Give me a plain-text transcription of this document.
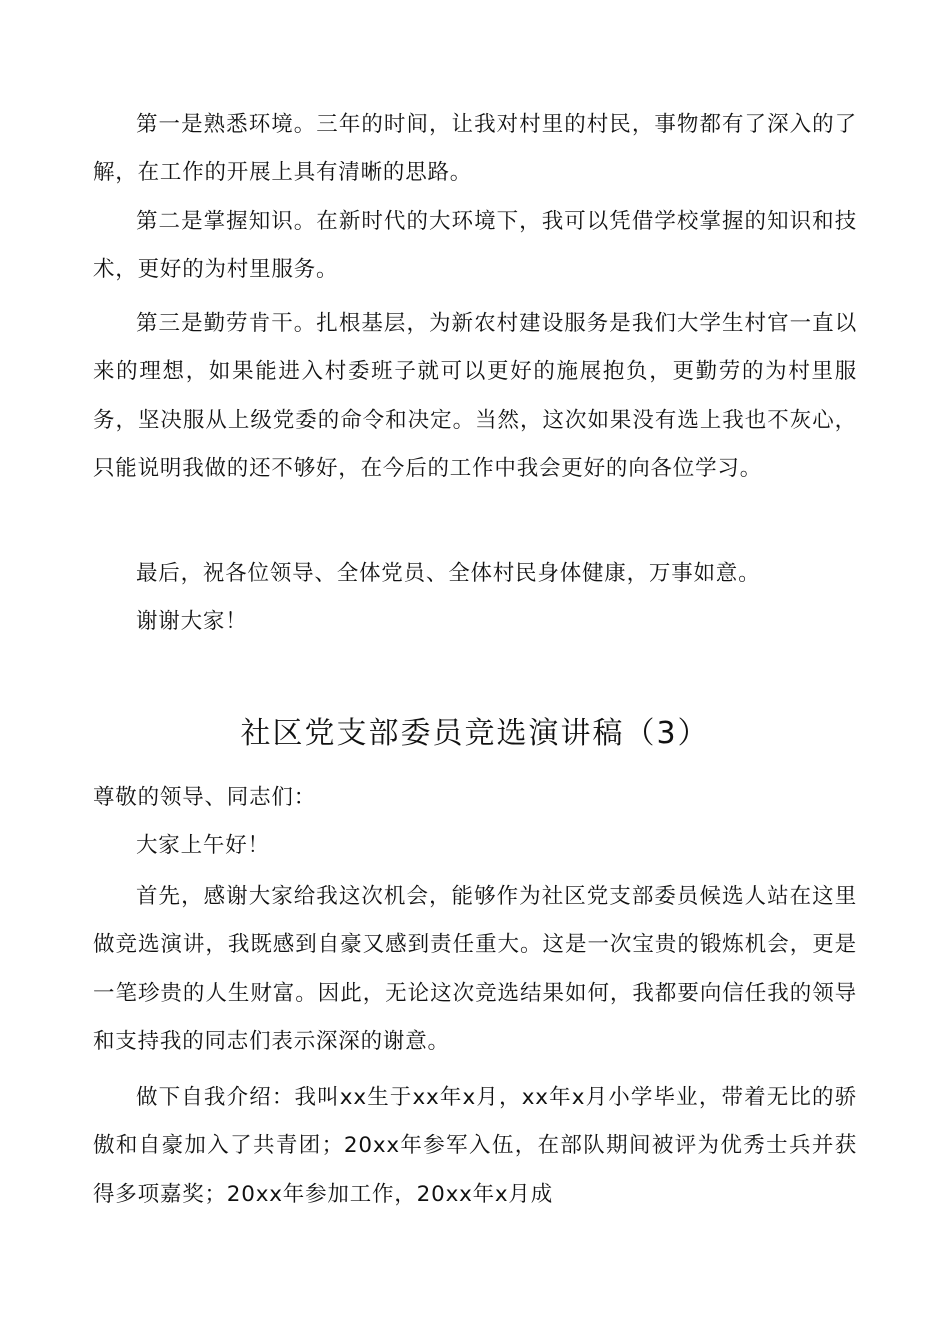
第一是熟悉环境。三年的时间，让我对村里的村民，事物都有了深入的了解，在工作的开展上具有清晰的思路。

第二是掌握知识。在新时代的大环境下，我可以凭借学校掌握的知识和技术，更好的为村里服务。

第三是勤劳肯干。扎根基层，为新农村建设服务是我们大学生村官一直以来的理想，如果能进入村委班子就可以更好的施展抱负，更勤劳的为村里服务，坚决服从上级党委的命令和决定。当然，这次如果没有选上我也不灰心，只能说明我做的还不够好，在今后的工作中我会更好的向各位学习。

最后，祝各位领导、全体党员、全体村民身体健康，万事如意。

谢谢大家！

社区党支部委员竞选演讲稿（3）

尊敬的领导、同志们：

大家上午好！

首先，感谢大家给我这次机会，能够作为社区党支部委员候选人站在这里做竞选演讲，我既感到自豪又感到责任重大。这是一次宝贵的锻炼机会，更是一笔珍贵的人生财富。因此，无论这次竞选结果如何，我都要向信任我的领导和支持我的同志们表示深深的谢意。

做下自我介绍：我叫xx生于xx年x月，xx年x月小学毕业，带着无比的骄傲和自豪加入了共青团；20xx年参军入伍，在部队期间被评为优秀士兵并获得多项嘉奖；20xx年参加工作，20xx年x月成
